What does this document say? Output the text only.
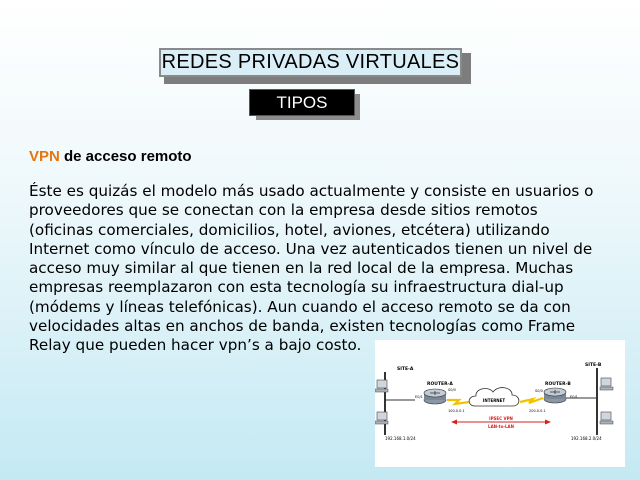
REDES PRIVADAS VIRTUALES
TIPOS
VPN de acceso remoto
Éste es quizás el modelo más usado actualmente y consiste en usuarios o
proveedores que se conectan con la empresa desde sitios remotos
(oficinas comerciales, domicilios, hotel, aviones, etcétera) utilizando
Internet como vínculo de acceso. Una vez autenticados tienen un nivel de
acceso muy similar al que tienen en la red local de la empresa. Muchas
empresas reemplazaron con esta tecnología su infraestructura dial-up
(módems y líneas telefónicas). Aun cuando el acceso remoto se da con
velocidades altas en anchos de banda, existen tecnologías como Frame
Relay que pueden hacer vpn’s a bajo costo.
SITE-A
192.168.1.0/24
ROUTER-A
E0/1
S0/0
100.0.0.1
INTERNET
ROUTER-B
S0/0
E0/1
200.0.0.1
SITE-B
192.168.2.0/24
IPSEC VPN
LAN-to-LAN
